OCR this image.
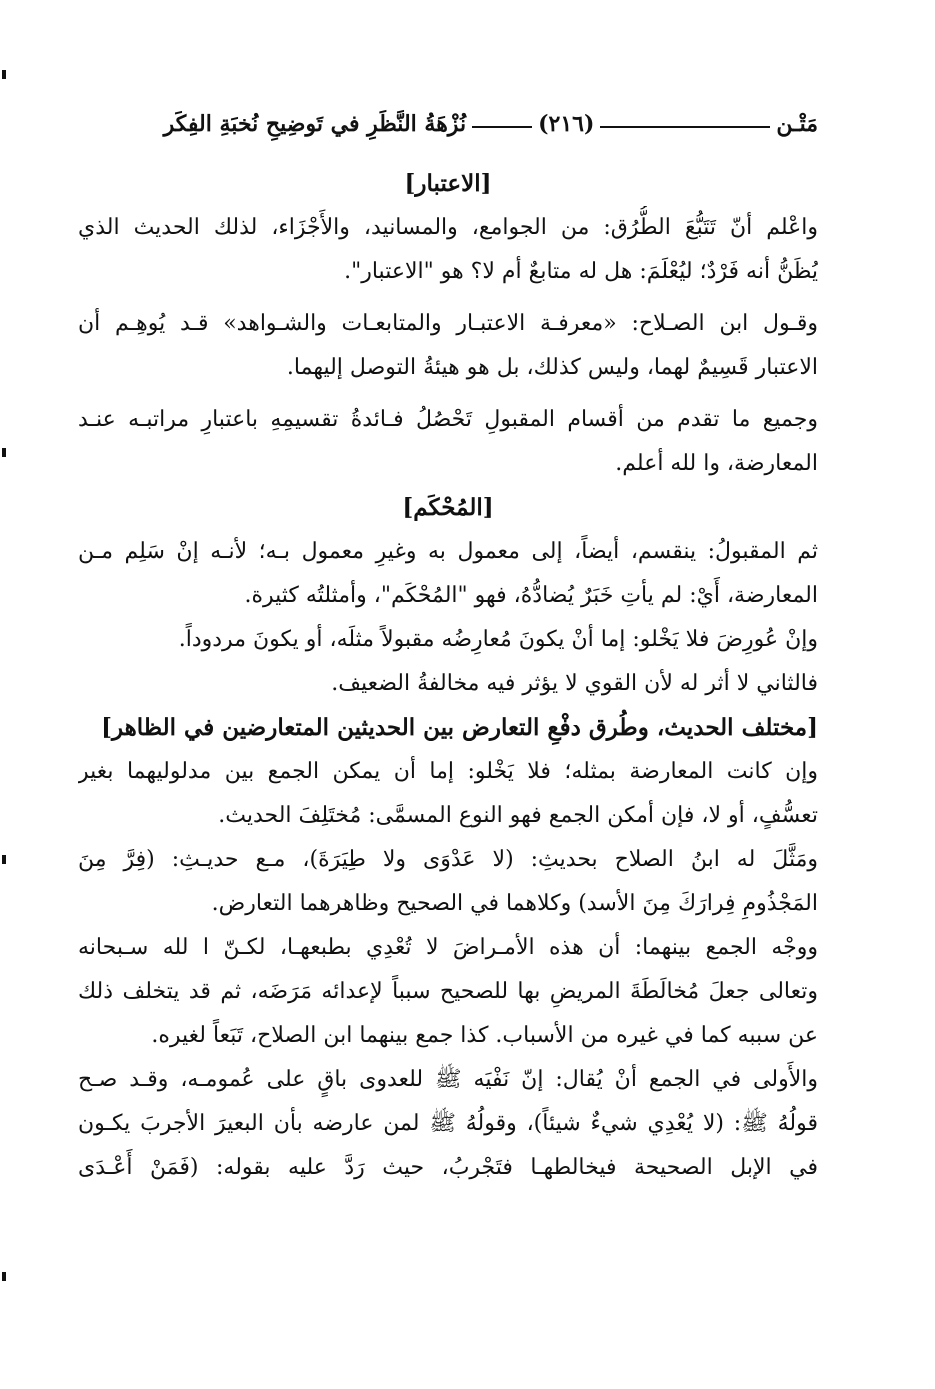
مَتْـن
(٢١٦)
نُزْهَةُ النَّظَرِ في تَوضِيحِ نُخبَةِ الفِكَر
[الاعتبار]
واعْلم أنّ تَتَبُّعَ الطُّرُق: من الجوامع، والمسانيد، والأَجْزَاء، لذلك الحديث الذي
يُظَنُّ أنه فَرْدٌ؛ ليُعْلَمَ: هل له متابعٌ أم لا؟ هو "الاعتبار".
وقـول ابن الصـلاح: «معرفـة الاعتبـار والمتابعـات والشـواهد» قـد يُوهِـم أن
الاعتبار قَسِيمٌ لهما، وليس كذلك، بل هو هيئةُ التوصل إليهما.
وجميع ما تقدم من أقسام المقبولِ تَحْصُلُ فـائدةُ تقسيمِهِ باعتبارِ مراتبـه عنـد
المعارضة، وا لله أعلم.
[المُحْكَم]
ثم المقبولُ: ينقسم، أيضاً، إلى معمول به وغيرِ معمول بـه؛ لأنـه إنْ سَلِم مـن
المعارضة، أَيْ: لم يأتِ خَبَرٌ يُضادُّهُ، فهو "المُحْكَم"، وأمثلتُه كثيرة.
وإنْ عُورِضَ فلا يَخْلو: إما أنْ يكونَ مُعارِضُه مقبولاً مثلَه، أو يكونَ مردوداً.
فالثاني لا أثر له لأن القوي لا يؤثر فيه مخالفةُ الضعيف.
[مختلف الحديث، وطُرق دفْعِ التعارض بين الحديثين المتعارضين في الظاهر]
وإن كانت المعارضة بمثله؛ فلا يَخْلو: إما أن يمكن الجمع بين مدلوليهما بغير
تعسُّفٍ، أو لا، فإن أمكن الجمع فهو النوع المسمَّى: مُختَلِفَ الحديث.
ومَثَّلَ له ابنُ الصلاح بحديثِ: (لا عَدْوَى ولا طِيَرَةَ)، مـع حديـثِ: (فِرَّ مِنَ
المَجْذُومِ فِرارَكَ مِنَ الأسد) وكلاهما في الصحيح وظاهرهما التعارض.
ووجْه الجمع بينهما: أن هذه الأمـراضَ لا تُعْدِي بطبعهـا، لكـنّ ا لله سـبحانه
وتعالى جعلَ مُخالَطَةَ المريضِ بها للصحيح سبباً لإعدائه مَرَضَه، ثم قد يتخلف ذلك
عن سببه كما في غيره من الأسباب. كذا جمع بينهما ابن الصلاح، تَبَعاً لغيره.
والأَولى في الجمع أنْ يُقال: إنّ نَفْيَه ﷺ للعدوى باقٍ على عُمومـه، وقـد صـح
قولُهُ ﷺ: (لا يُعْدِي شيءٌ شيئاً)، وقولُهُ ﷺ لمن عارضه بأن البعيرَ الأجربَ يكـون
في الإبل الصحيحة فيخالطهـا فتَجْربُ، حيث رَدَّ عليه بقوله: (فَمَنْ أَعْـدَى
